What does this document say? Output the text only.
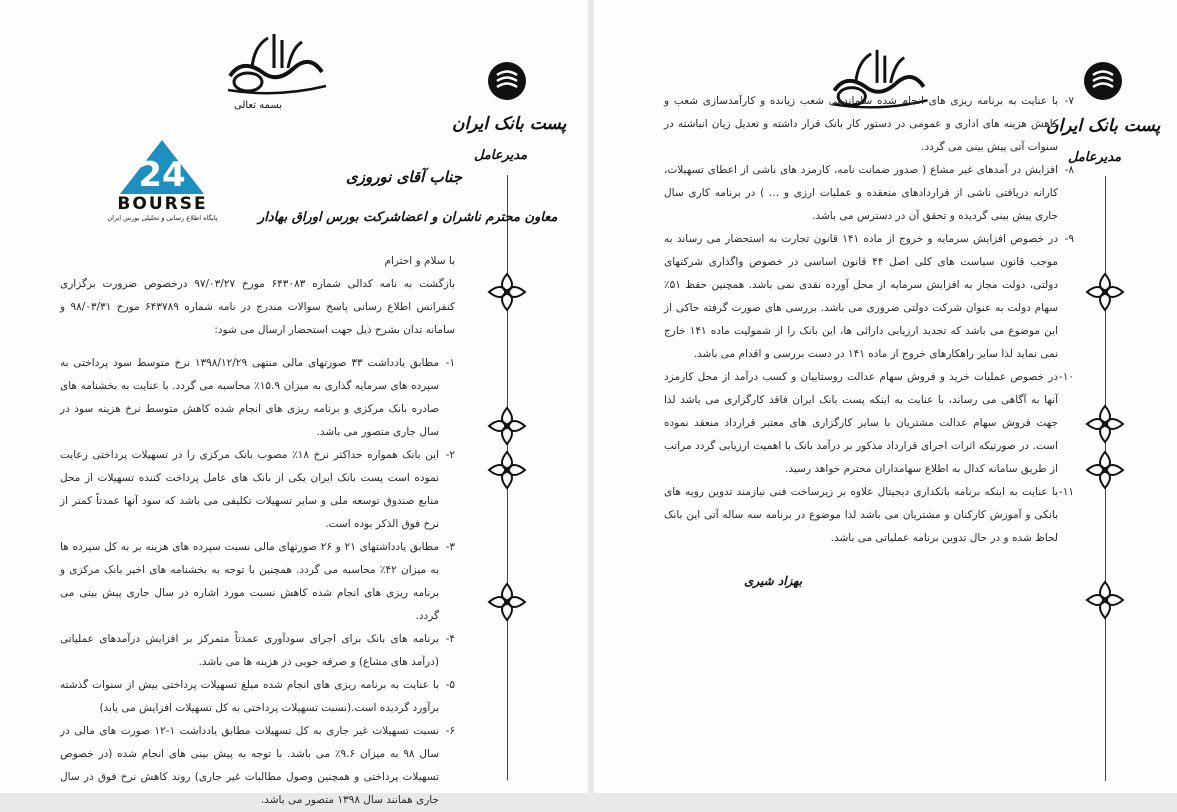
بسمه تعالی
24
BOURSE
پایگاه اطلاع رسانی و تحلیلی بورس ایران
پست بانک ایران
مدیرعامل
جناب آقای نوروزی
معاون محترم ناشران و اعضاشرکت بورس اوراق بهادار

با سلام و احترام

بازگشت به نامه کدالی شماره ۶۴۳۰۸۳ مورخ ۹۷/۰۳/۲۷ درخصوص ضرورت برگزاری کنفرانس اطلاع رسانی پاسخ سوالات مندرج در نامه شماره ۶۴۳۷۸۹ مورخ ۹۸/۰۳/۳۱ و سامانه تدان بشرح ذیل جهت استحضار ارسال می شود:

۱-
مطابق یادداشت ۳۳ صورتهای مالی منتهی ۱۳۹۸/۱۲/۲۹ نرخ متوسط سود پرداختی به سپرده های سرمایه گذاری به میزان ۱۵.۹٪ محاسبه می گردد. با عنایت به بخشنامه های صادره بانک مرکزی و برنامه ریزی های انجام شده کاهش متوسط نرخ هزینه سود در سال جاری متصور می باشد.
۲-
این بانک همواره حداکثر نرخ ۱۸٪ مصوب بانک مرکزی را در تسهیلات پرداختی رعایت نموده است پست بانک ایران یکی از بانک های عامل پرداخت کننده تسهیلات از محل منابع صندوق توسعه ملی و سایر تسهیلات تکلیفی می باشد که سود آنها عمدتاً کمتر از نرخ فوق الذکر بوده است.
۳-
مطابق یادداشتهای ۲۱ و ۲۶ صورتهای مالی نسبت سپرده های هزینه بر به کل سپرده ها به میزان ۴۲٪ محاسبه می گردد. همچنین با توجه به بخشنامه های اخیر بانک مرکزی و برنامه ریزی های انجام شده کاهش نسبت مورد اشاره در سال جاری پیش بینی می گردد.
۴-
برنامه های بانک برای اجرای سودآوری عمدتاً متمرکز بر افزایش درآمدهای عملیاتی (درآمد های مشاع) و صرفه جویی در هزینه ها می باشد.
۵-
با عنایت به برنامه ریزی های انجام شده مبلغ تسهیلات پرداختی بیش از سنوات گذشته برآورد گردیده است.(نسبت تسهیلات پرداختی به کل تسهیلات افزایش می یابد)
۶-
نسبت تسهیلات غیر جاری به کل تسهیلات مطابق یادداشت ۱-۱۲ صورت های مالی در سال ۹۸ به میزان ۹.۶٪ می باشد. با توجه به پیش بینی های انجام شده (در خصوص تسهیلات پرداختی و همچنین وصول مطالبات غیر جاری) روند کاهش نرخ فوق در سال جاری همانند سال ۱۳۹۸ متصور می باشد.
پست بانک ایران
مدیرعامل
۷-
با عنایت به برنامه ریزی های انجام شده ساماندهی شعب زیانده و کارآمدسازی شعب و کاهش هزینه های اداری و عمومی در دستور کار بانک قرار داشته و تعدیل زیان انباشته در سنوات آتی پیش بینی می گردد.
۸-
افزایش در آمدهای غیر مشاع ( صدور ضمانت نامه، کارمزد های ناشی از اعطای تسهیلات، کارانه دریافتی ناشی از قراردادهای منعقده و عملیات ارزی و ... ) در برنامه کاری سال جاری پیش بینی گردیده و تحقق آن در دسترس می باشد.
۹-
در خصوص افزایش سرمایه و خروج از ماده ۱۴۱ قانون تجارت به استحضار می رساند به موجب قانون سیاست های کلی اصل ۴۴ قانون اساسی در خصوص واگذاری شرکتهای دولتی، دولت مجاز به افزایش سرمایه از محل آورده نقدی نمی باشد. همچنین حفظ ۵۱٪ سهام دولت به عنوان شرکت دولتی ضروری می باشد. بررسی های صورت گرفته حاکی از این موضوع می باشد که تجدید ارزیابی دارائی ها، این بانک را از شمولیت ماده ۱۴۱ خارج نمی نماید لذا سایر راهکارهای خروج از ماده ۱۴۱ در دست بررسی و اقدام می باشد.
۱۰-
در خصوص عملیات خرید و فروش سهام عدالت روستاییان و کسب درآمد از محل کارمزد آنها به آگاهی می رساند، با عنایت به اینکه پست بانک ایران فاقد کارگزاری می باشد لذا جهت فروش سهام عدالت مشتریان با سایر کارگزاری های معتبر قرارداد منعقد نموده است. در صورتیکه اثرات اجرای قرارداد مذکور بر درآمد بانک با اهمیت ارزیابی گردد مراتب از طریق سامانه کدال به اطلاع سهامداران محترم خواهد رسید.
۱۱-
با عنایت به اینکه برنامه بانکداری دیجیتال علاوه بر زیرساخت فنی نیازمند تدوین رویه های بانکی و آموزش کارکنان و مشتریان می باشد لذا موضوع در برنامه سه ساله آتی این بانک لحاظ شده و در حال تدوین برنامه عملیاتی می باشد.
بهزاد شیری
